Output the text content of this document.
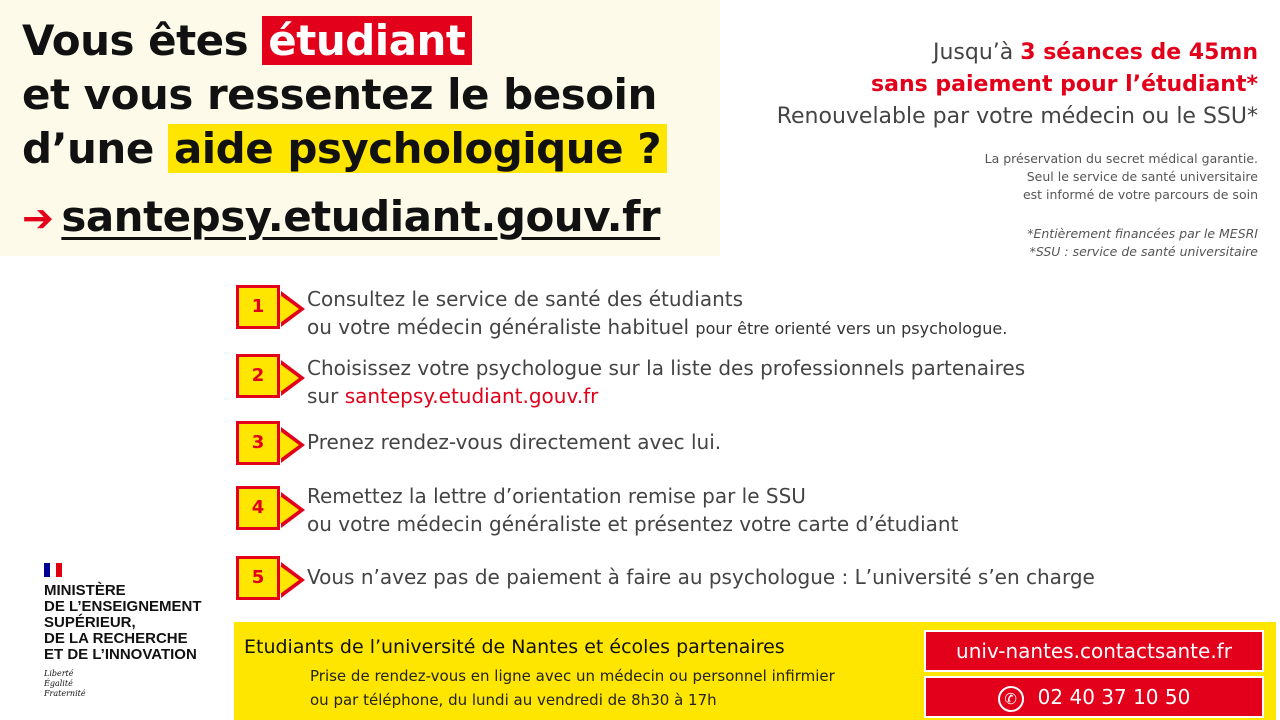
Vous êtes étudiant
et vous ressentez le besoin
d’une aide psychologique ?
➔ santepsy.etudiant.gouv.fr
Jusqu’à 3 séances de 45mn
sans paiement pour l’étudiant*
Renouvelable par votre médecin ou le SSU*
La préservation du secret médical garantie.
Seul le service de santé universitaire
est informé de votre parcours de soin
*Entièrement financées par le MESRI
*SSU : service de santé universitaire
1	Consultez le service de santé des étudiants
ou votre médecin généraliste habituel pour être orienté vers un psychologue.
2	Choisissez votre psychologue sur la liste des professionnels partenaires
sur santepsy.etudiant.gouv.fr
3	Prenez rendez-vous directement avec lui.
4	Remettez la lettre d’orientation remise par le SSU
ou votre médecin généraliste et présentez votre carte d’étudiant
5	Vous n’avez pas de paiement à faire au psychologue : L’université s’en charge
MINISTÈRE
DE L’ENSEIGNEMENT
SUPÉRIEUR,
DE LA RECHERCHE
ET DE L’INNOVATION
Liberté
Égalité
Fraternité
Etudiants de l’université de Nantes et écoles partenaires
Prise de rendez-vous en ligne avec un médecin ou personnel infirmier
ou par téléphone, du lundi au vendredi de 8h30 à 17h
univ-nantes.contactsante.fr
✆02 40 37 10 50
